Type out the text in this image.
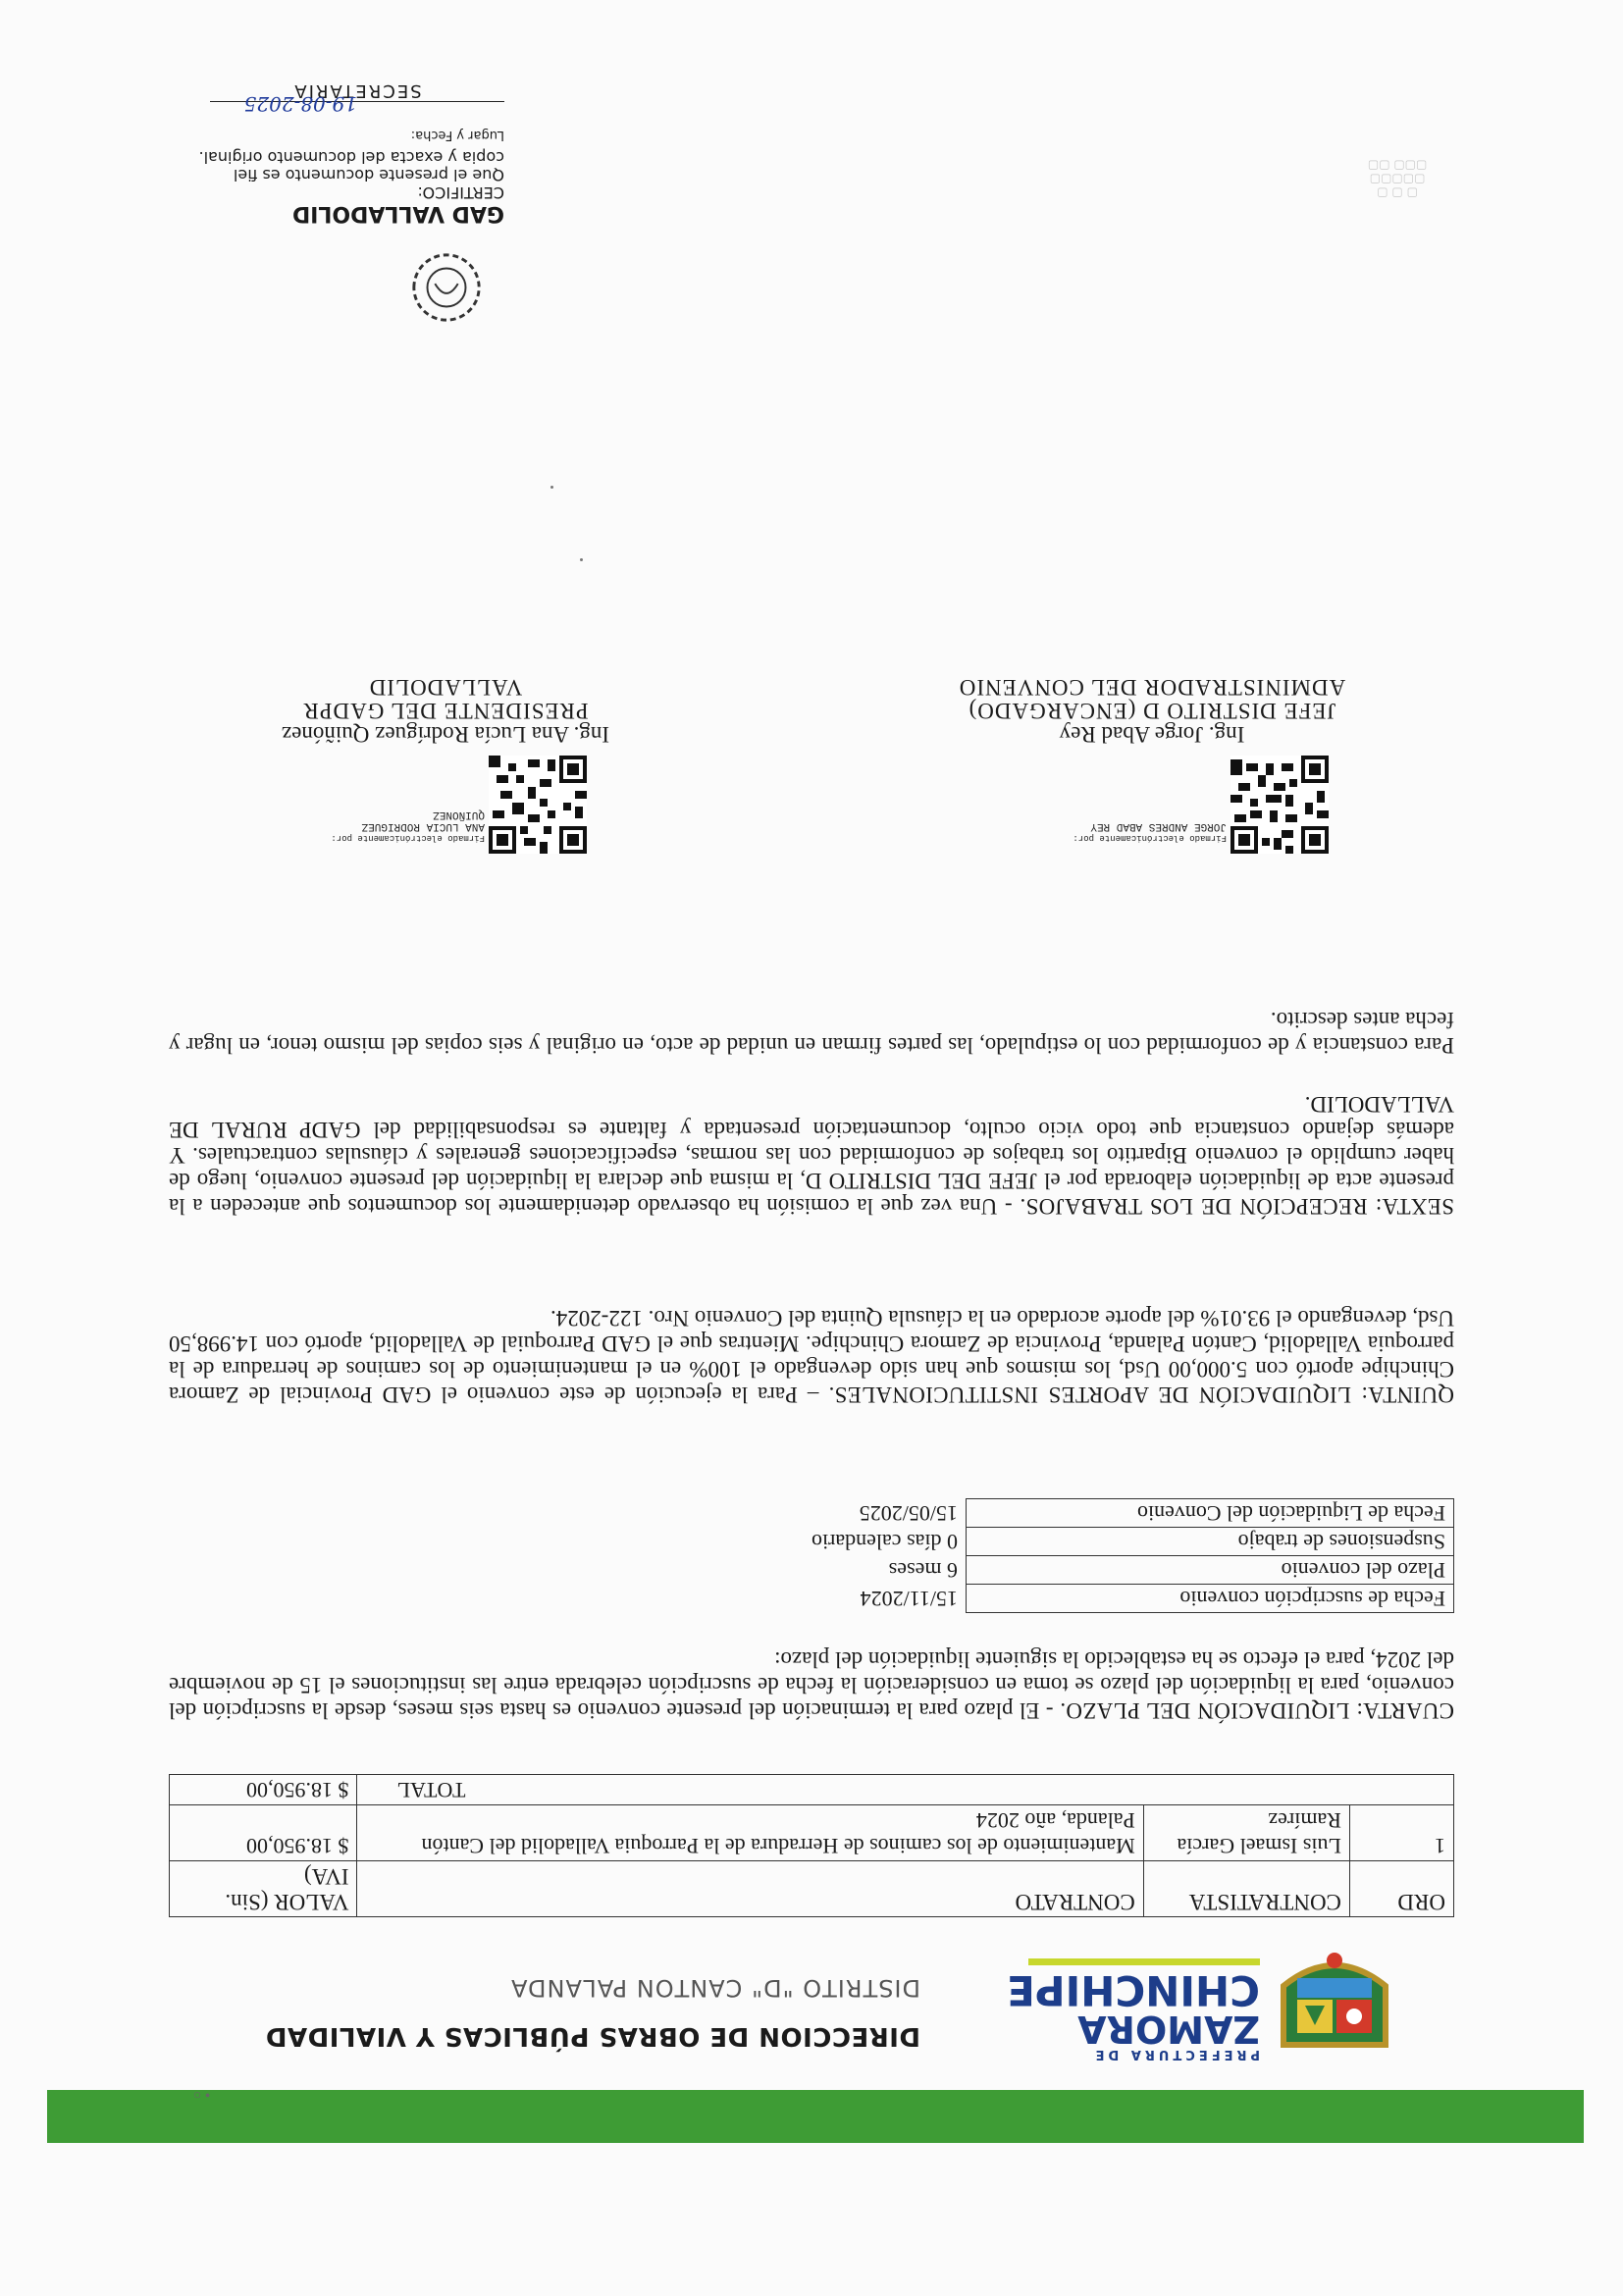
• ○
PREFECTURA DE
ZAMORA
CHINCHIPE
DIRECCION DE OBRAS PÚBLICAS Y VIALIDAD
DISTRITO "D" CANTON PALANDA
ORD	CONTRATISTA	CONTRATO	VALOR (Sin. IVA)
1	Luis Ismael García Ramírez	Mantenimiento de los caminos de Herradura de la Parroquia Valladolid del Cantón Palanda, año 2024	$ 18.950,00
TOTAL			$ 18.950,00
CUARTA: LIQUIDACIÓN DEL PLAZO. - El plazo para la terminación del presente convenio es hasta seis meses, desde la suscripción del convenio, para la liquidación del plazo se toma en consideración la fecha de suscripción celebrada entre las instituciones el 15 de noviembre del 2024, para el efecto se ha establecido la siguiente liquidación del plazo:
Fecha de suscripción convenio	15/11/2024
Plazo del convenio	6 meses
Suspensiones de trabajo	0 días calendario
Fecha de Liquidación del Convenio	15/05/2025
QUINTA: LIQUIDACIÓN DE APORTES INSTITUCIONALES. – Para la ejecución de este convenio el GAD Provincial de Zamora Chinchipe aportó con 5.000,00 Usd, los mismos que han sido devengado el 100% en el mantenimiento de los caminos de herradura de la parroquia Valladolid, Cantón Palanda, Provincia de Zamora Chinchipe. Mientras que el GAD Parroquial de Valladolid, aportó con 14.998,50 Usd, devengando el 93.01% del aporte acordado en la cláusula Quinta del Convenio Nro. 122-2024.
SEXTA: RECEPCIÓN DE LOS TRABAJOS. - Una vez que la comisión ha observado detenidamente los documentos que anteceden a la presente acta de liquidación elaborada por el JEFE DEL DISTRITO D, la misma que declara la liquidación del presente convenio, luego de haber cumplido el convenio Bipartito los trabajos de conformidad con las normas, especificaciones generales y cláusulas contractuales. Y además dejando constancia que todo vicio oculto, documentación presentada y faltante es responsabilidad del GADP RURAL DE VALLADOLID.
Para constancia y de conformidad con lo estipulado, las partes firman en unidad de acto, en original y seis copias del mismo tenor, en lugar y fecha antes descrito.
Firmado electrónicamente por:
JORGE ANDRES ABAD REY
Ing. Jorge Abad Rey
JEFE DISTRITO D (ENCARGADO)
ADMINISTRADOR DEL CONVENIO
Firmado electrónicamente por:
ANA LUCIA RODRIGUEZ QUIÑONEZ
Ing. Ana Lucía Rodríguez Quiñónez
PRESIDENTE DEL GADPR
VALLADOLID
▢ ▢ ▢
▢▢▢▢▢
▢▢▢ ▢▢
GAD VALLADOLID
CERTIFICO:
Que el presente documento es fiel
copia y exacta del documento original.
Lugar y Fecha:
19-08-2025
SECRETARIA
